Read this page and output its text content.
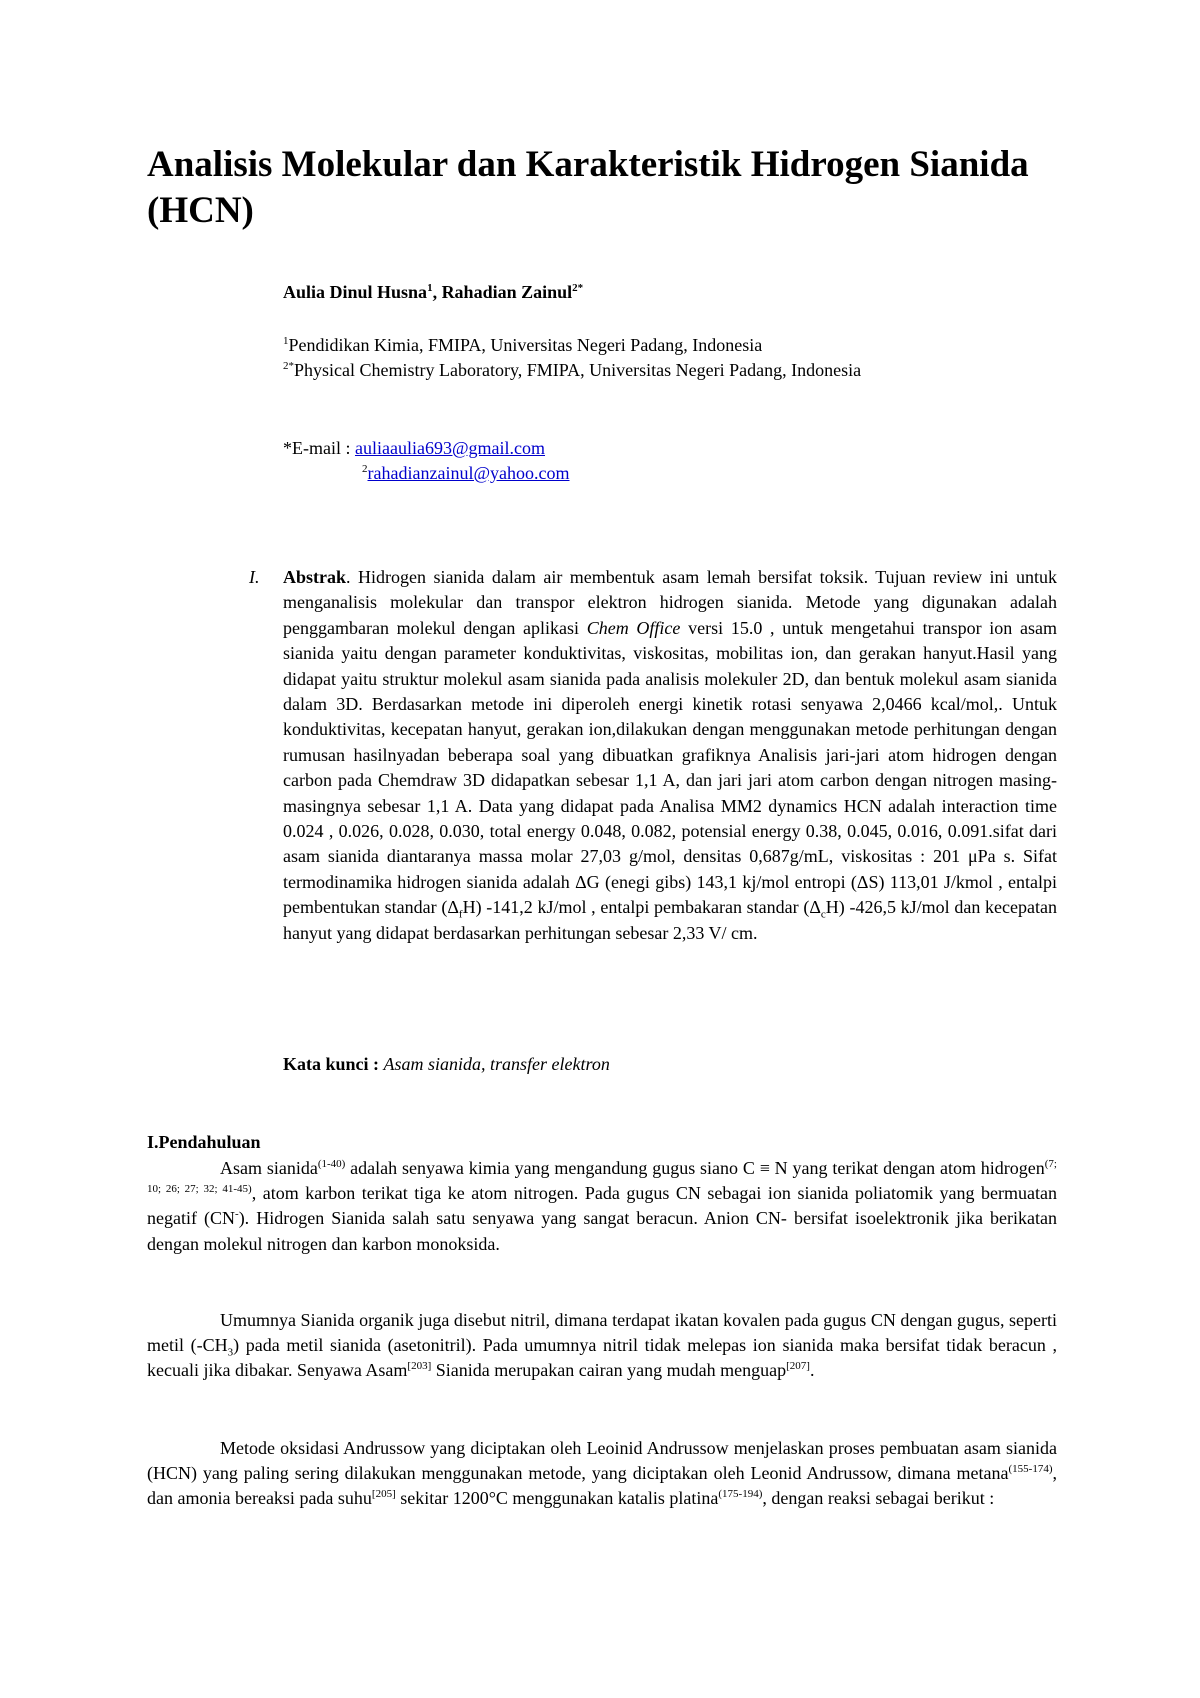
Analisis Molekular dan Karakteristik Hidrogen Sianida (HCN)
Aulia Dinul Husna$^1$, Rahadian Zainul$^{2*}$
$^1$Pendidikan Kimia, FMIPA, Universitas Negeri Padang, Indonesia
$^{2*}$Physical Chemistry Laboratory, FMIPA, Universitas Negeri Padang, Indonesia
*E-mail : auliaaulia693@gmail.com
$^2$rahadianzainul@yahoo.com
I. Abstrak. Hidrogen sianida dalam air membentuk asam lemah bersifat toksik. Tujuan review ini untuk menganalisis molekular dan transpor elektron hidrogen sianida. Metode yang digunakan adalah penggambaran molekul dengan aplikasi Chem Office versi 15.0 , untuk mengetahui transpor ion asam sianida yaitu dengan parameter konduktivitas, viskositas, mobilitas ion, dan gerakan hanyut.Hasil yang didapat yaitu struktur molekul asam sianida pada analisis molekuler 2D, dan bentuk molekul asam sianida dalam 3D. Berdasarkan metode ini diperoleh energi kinetik rotasi senyawa 2,0466 kcal/mol,. Untuk konduktivitas, kecepatan hanyut, gerakan ion,dilakukan dengan menggunakan metode perhitungan dengan rumusan hasilnyadan beberapa soal yang dibuatkan grafiknya Analisis jari-jari atom hidrogen dengan carbon pada Chemdraw 3D didapatkan sebesar 1,1 A, dan jari jari atom carbon dengan nitrogen masing-masingnya sebesar 1,1 A. Data yang didapat pada Analisa MM2 dynamics HCN adalah interaction time 0.024 , 0.026, 0.028, 0.030, total energy 0.048, 0.082, potensial energy 0.38, 0.045, 0.016, 0.091.sifat dari asam sianida diantaranya massa molar 27,03 g/mol, densitas 0,687g/mL, viskositas : 201 μPa s. Sifat termodinamika hidrogen sianida adalah ΔG (enegi gibs) 143,1 kj/mol entropi (ΔS) 113,01 J/kmol , entalpi pembentukan standar $(\Delta_fH)$ -141,2 kJ/mol , entalpi pembakaran standar $(\Delta_cH)$ -426,5 kJ/mol dan kecepatan hanyut yang didapat berdasarkan perhitungan sebesar 2,33 V/ cm.
Kata kunci : Asam sianida, transfer elektron
I.Pendahuluan

Asam sianida$^{(1-40)}$ adalah senyawa kimia yang mengandung gugus siano C ≡ N yang terikat dengan atom hidrogen$^{(7; 10; 26; 27; 32; 41-45)}$, atom karbon terikat tiga ke atom nitrogen. Pada gugus CN sebagai ion sianida poliatomik yang bermuatan negatif (CN-). Hidrogen Sianida salah satu senyawa yang sangat beracun. Anion CN- bersifat isoelektronik jika berikatan dengan molekul nitrogen dan karbon monoksida.

Umumnya Sianida organik juga disebut nitril, dimana terdapat ikatan kovalen pada gugus CN dengan gugus, seperti metil $(-CH_3)$ pada metil sianida (asetonitril). Pada umumnya nitril tidak melepas ion sianida maka bersifat tidak beracun , kecuali jika dibakar. Senyawa Asam[203] Sianida merupakan cairan yang mudah menguap[207].

Metode oksidasi Andrussow yang diciptakan oleh Leoinid Andrussow menjelaskan proses pembuatan asam sianida (HCN) yang paling sering dilakukan menggunakan metode, yang diciptakan oleh Leonid Andrussow, dimana metana$^{(155-174)}$, dan amonia bereaksi pada suhu[205] sekitar 1200°C menggunakan katalis platina$^{(175-194)}$, dengan reaksi sebagai berikut :
